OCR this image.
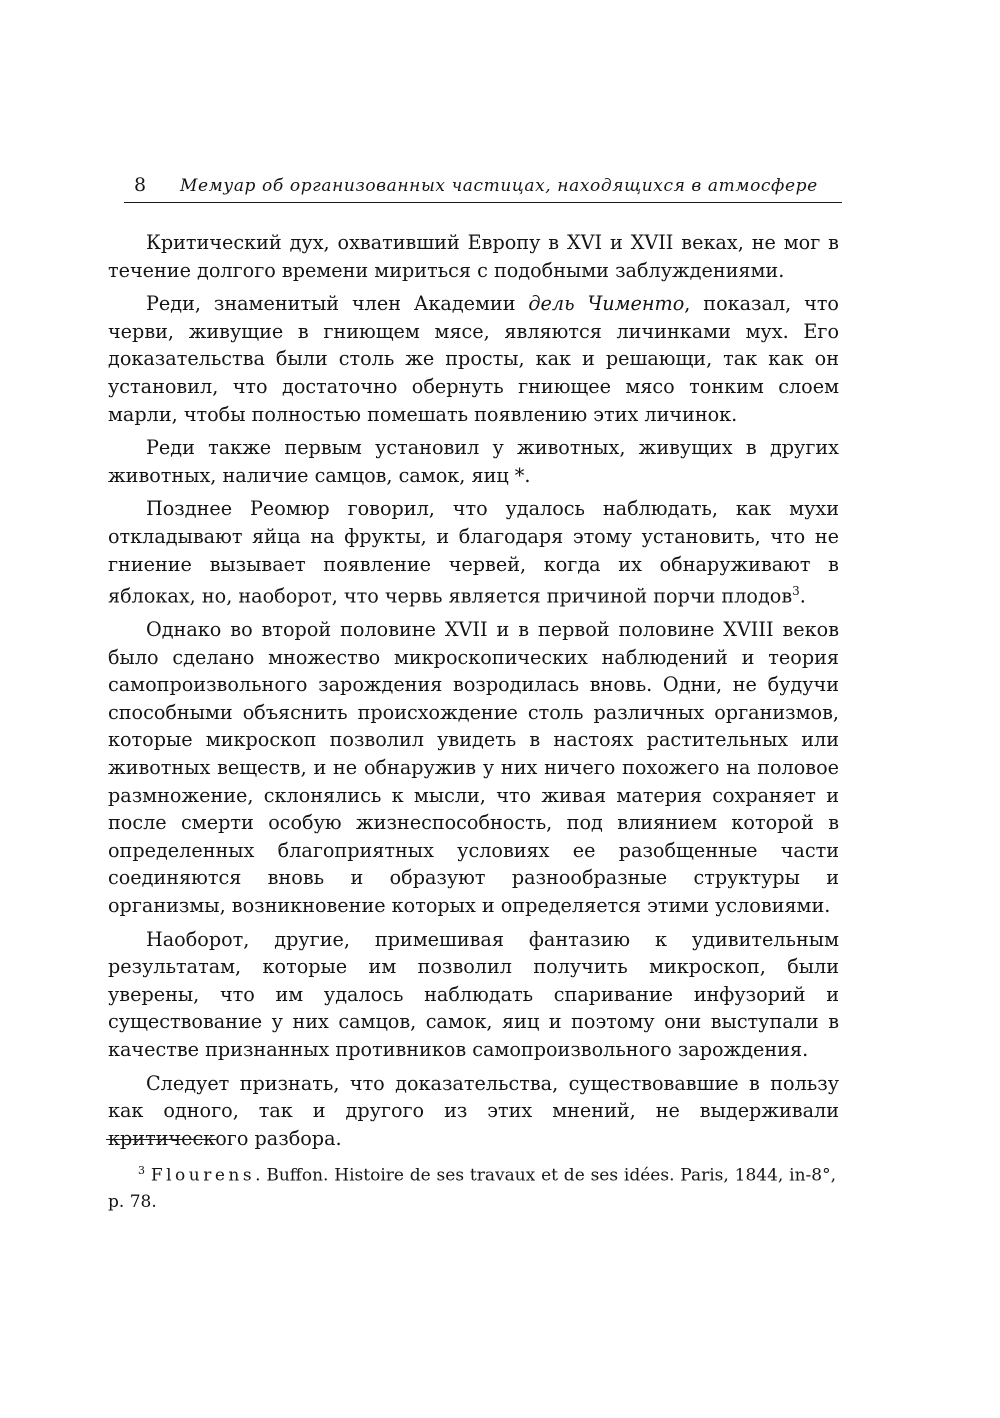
8 Мемуар об организованных частицах, находящихся в атмосфере

Критический дух, охвативший Европу в XVI и XVII веках, не мог в течение долгого времени мириться с подобными заблуждениями.

Реди, знаменитый член Академии дель Чименто, показал, что черви, живущие в гниющем мясе, являются личинками мух. Его доказательства были столь же просты, как и решающи, так как он установил, что достаточно обернуть гниющее мясо тонким слоем марли, чтобы полностью помешать появлению этих личинок.

Реди также первым установил у животных, живущих в других животных, наличие самцов, самок, яиц *.

Позднее Реомюр говорил, что удалось наблюдать, как мухи откладывают яйца на фрукты, и благодаря этому установить, что не гниение вызывает появление червей, когда их обнаруживают в яблоках, но, наоборот, что червь является причиной порчи плодов$^3$.

Однако во второй половине XVII и в первой половине XVIII веков было сделано множество микроскопических наблюдений и теория самопроизвольного зарождения возродилась вновь. Одни, не будучи способными объяснить происхождение столь различных организмов, которые микроскоп позволил увидеть в настоях растительных или животных веществ, и не обнаружив у них ничего похожего на половое размножение, склонялись к мысли, что живая материя сохраняет и после смерти особую жизнеспособность, под влиянием которой в определенных благоприятных условиях ее разобщенные части соединяются вновь и образуют разнообразные структуры и организмы, возникновение которых и определяется этими условиями.

Наоборот, другие, примешивая фантазию к удивительным результатам, которые им позволил получить микроскоп, были уверены, что им удалось наблюдать спаривание инфузорий и существование у них самцов, самок, яиц и поэтому они выступали в качестве признанных противников самопроизвольного зарождения.

Следует признать, что доказательства, существовавшие в пользу как одного, так и другого из этих мнений, не выдерживали критического разбора.

$^3$ Flourens. Buffon. Histoire de ses travaux et de ses idées. Paris, 1844, in-8°, p. 78.
